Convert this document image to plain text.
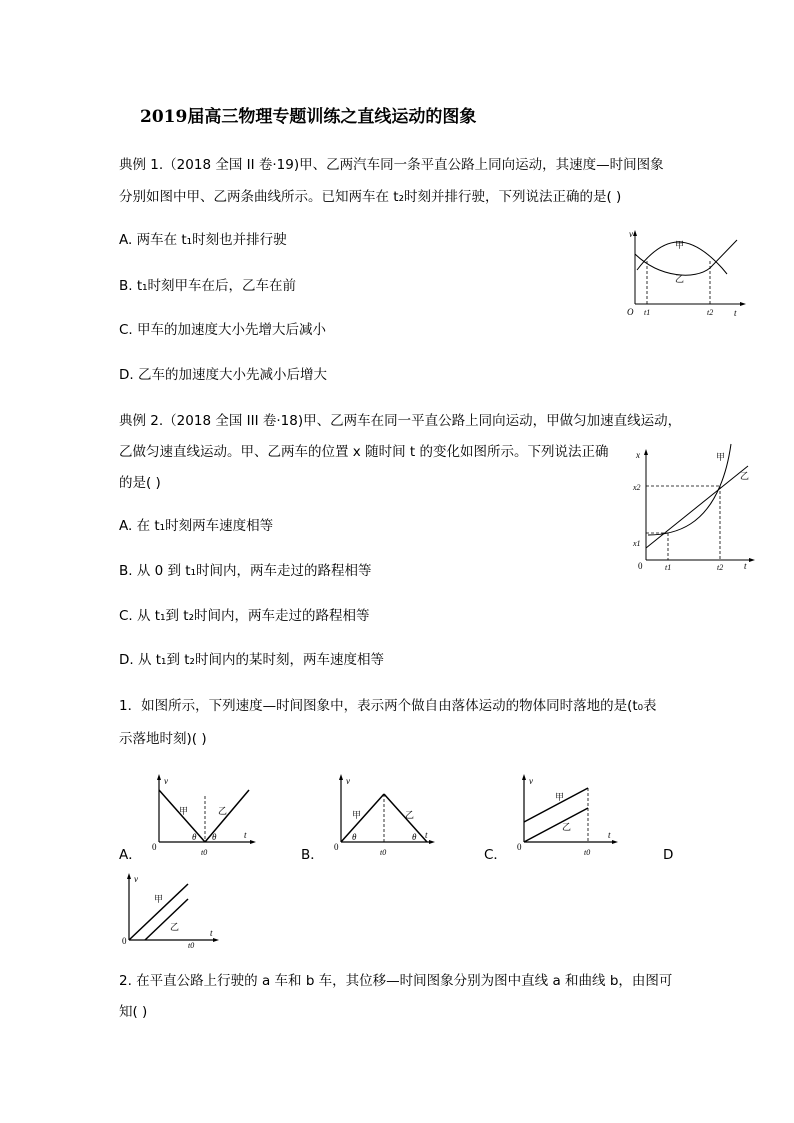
2019届高三物理专题训练之直线运动的图象
典例 1.（2018 全国 II 卷·19)甲、乙两汽车同一条平直公路上同向运动，其速度—时间图象
分别如图中甲、乙两条曲线所示。已知两车在 t₂时刻并排行驶，下列说法正确的是( )
A. 两车在 t₁时刻也并排行驶
B. t₁时刻甲车在后，乙车在前
C. 甲车的加速度大小先增大后减小
D. 乙车的加速度大小先减小后增大
v
t
O
甲
乙
t1	t2
典例 2.（2018 全国 III 卷·18)甲、乙两车在同一平直公路上同向运动，甲做匀加速直线运动，
乙做匀速直线运动。甲、乙两车的位置 x 随时间 t 的变化如图所示。下列说法正确
的是( )
A. 在 t₁时刻两车速度相等
B. 从 0 到 t₁时间内，两车走过的路程相等
C. 从 t₁到 t₂时间内，两车走过的路程相等
D. 从 t₁到 t₂时间内的某时刻，两车速度相等
x
t
0
甲
乙
x2
x1
t1	t2
1．如图所示，下列速度—时间图象中，表示两个做自由落体运动的物体同时落地的是(t₀表
示落地时刻)( )
v
t
0
甲	乙
θ θ
t0
A．
v
t
0
甲	乙
θ	θ
t0
B．
v
t
0
甲
乙
t0
C．	D
v
t
0
甲
乙
t0
2. 在平直公路上行驶的 a 车和 b 车，其位移—时间图象分别为图中直线 a 和曲线 b，由图可
知( )
